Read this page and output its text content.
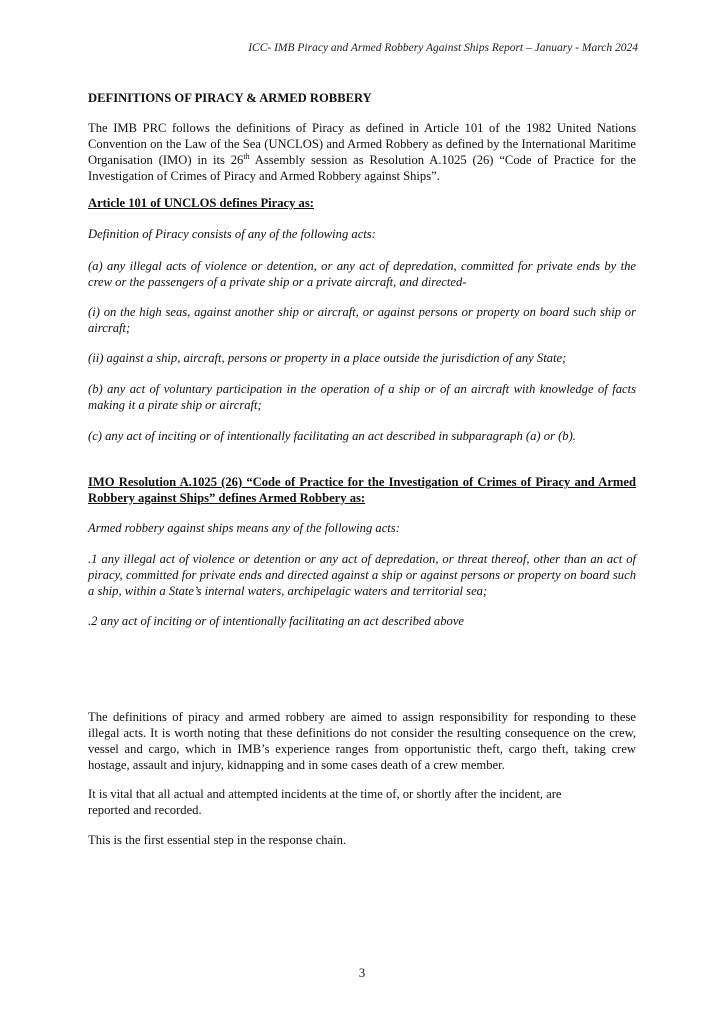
ICC- IMB Piracy and Armed Robbery Against Ships Report – January - March 2024

DEFINITIONS OF PIRACY & ARMED ROBBERY

The IMB PRC follows the definitions of Piracy as defined in Article 101 of the 1982 United Nations Convention on the Law of the Sea (UNCLOS) and Armed Robbery as defined by the International Maritime Organisation (IMO) in its 26th Assembly session as Resolution A.1025 (26) “Code of Practice for the Investigation of Crimes of Piracy and Armed Robbery against Ships”.

Article 101 of UNCLOS defines Piracy as:

Definition of Piracy consists of any of the following acts:

(a) any illegal acts of violence or detention, or any act of depredation, committed for private ends by the crew or the passengers of a private ship or a private aircraft, and directed-

(i) on the high seas, against another ship or aircraft, or against persons or property on board such ship or aircraft;

(ii) against a ship, aircraft, persons or property in a place outside the jurisdiction of any State;

(b) any act of voluntary participation in the operation of a ship or of an aircraft with knowledge of facts making it a pirate ship or aircraft;

(c) any act of inciting or of intentionally facilitating an act described in subparagraph (a) or (b).

IMO Resolution A.1025 (26) “Code of Practice for the Investigation of Crimes of Piracy and Armed Robbery against Ships” defines Armed Robbery as:

Armed robbery against ships means any of the following acts:

.1 any illegal act of violence or detention or any act of depredation, or threat thereof, other than an act of piracy, committed for private ends and directed against a ship or against persons or property on board such a ship, within a State’s internal waters, archipelagic waters and territorial sea;

.2 any act of inciting or of intentionally facilitating an act described above

The definitions of piracy and armed robbery are aimed to assign responsibility for responding to these illegal acts. It is worth noting that these definitions do not consider the resulting consequence on the crew, vessel and cargo, which in IMB’s experience ranges from opportunistic theft, cargo theft, taking crew hostage, assault and injury, kidnapping and in some cases death of a crew member.

It is vital that all actual and attempted incidents at the time of, or shortly after the incident, are reported and recorded.

This is the first essential step in the response chain.

3
